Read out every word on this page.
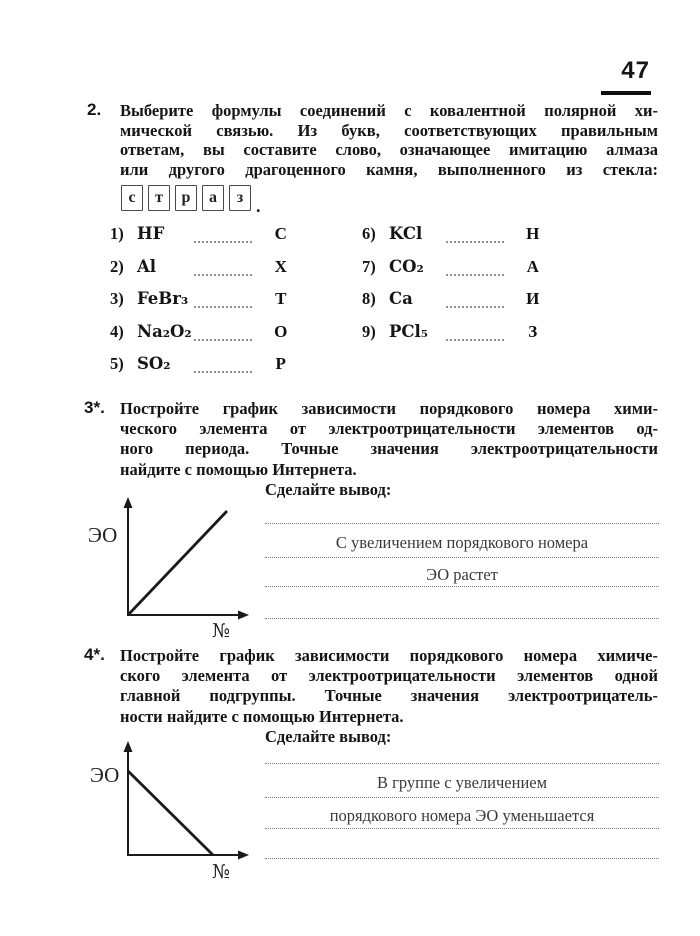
47
2. Выберите формулы соединений с ковалентной полярной хи-
мической связью. Из букв, соответствующих правильным
ответам, вы составите слово, означающее имитацию алмаза
или другого драгоценного камня, выполненного из стекла:
с	т	р	а	з .
1) HF	С
2) Al	Х
3) FeBr₃	Т
4) Na₂O₂	О
5) SO₂	Р
6) KCl	Н
7) CO₂	А
8) Ca	И
9) PCl₅	З
3*. Постройте график зависимости порядкового номера хими-
ческого элемента от электроотрицательности элементов од-
ного периода. Точные значения электроотрицательности
найдите с помощью Интернета.
Сделайте вывод:
ЭО
№
С увеличением порядкового номера
ЭО растет
4*. Постройте график зависимости порядкового номера химиче-
ского элемента от электроотрицательности элементов одной
главной подгруппы. Точные значения электроотрицатель-
ности найдите с помощью Интернета.
Сделайте вывод:
ЭО
№
В группе с увеличением
порядкового номера ЭО уменьшается
